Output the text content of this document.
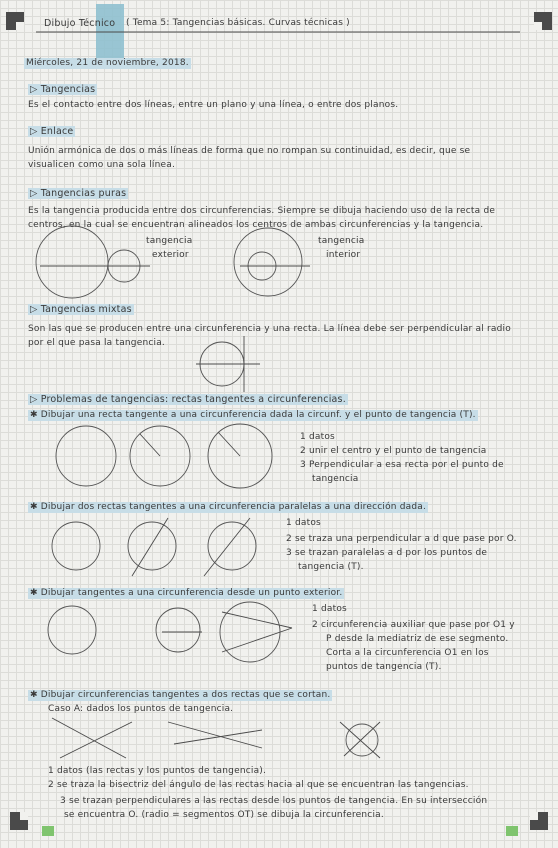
Dibujo Técnico ( Tema 5: Tangencias básicas. Curvas técnicas )
Miércoles, 21 de noviembre, 2018.
▷ Tangencias
Es el contacto entre dos líneas, entre un plano y una línea, o entre dos planos.
▷ Enlace
Unión armónica de dos o más líneas de forma que no rompan su continuidad, es decir, que se
visualicen como una sola línea.
▷ Tangencias puras
Es la tangencia producida entre dos circunferencias. Siempre se dibuja haciendo uso de la recta de
centros, en la cual se encuentran alineados los centros de ambas circunferencias y la tangencia.
tangencia
exterior
tangencia
interior
▷ Tangencias mixtas
Son las que se producen entre una circunferencia y una recta. La línea debe ser perpendicular al radio
por el que pasa la tangencia.
▷ Problemas de tangencias: rectas tangentes a circunferencias.
✱ Dibujar una recta tangente a una circunferencia dada la circunf. y el punto de tangencia (T).
1 datos
2 unir el centro y el punto de tangencia
3 Perpendicular a esa recta por el punto de
tangencia
✱ Dibujar dos rectas tangentes a una circunferencia paralelas a una dirección dada.
1 datos
2 se traza una perpendicular a d que pase por O.
3 se trazan paralelas a d por los puntos de
tangencia (T).
✱ Dibujar tangentes a una circunferencia desde un punto exterior.
1 datos
2 circunferencia auxiliar que pase por O1 y
P desde la mediatriz de ese segmento.
Corta a la circunferencia O1 en los
puntos de tangencia (T).
✱ Dibujar circunferencias tangentes a dos rectas que se cortan.
Caso A: dados los puntos de tangencia.
1 datos (las rectas y los puntos de tangencia).
2 se traza la bisectriz del ángulo de las rectas hacia al que se encuentran las tangencias.
3 se trazan perpendiculares a las rectas desde los puntos de tangencia. En su intersección
se encuentra O. (radio = segmentos OT) se dibuja la circunferencia.
